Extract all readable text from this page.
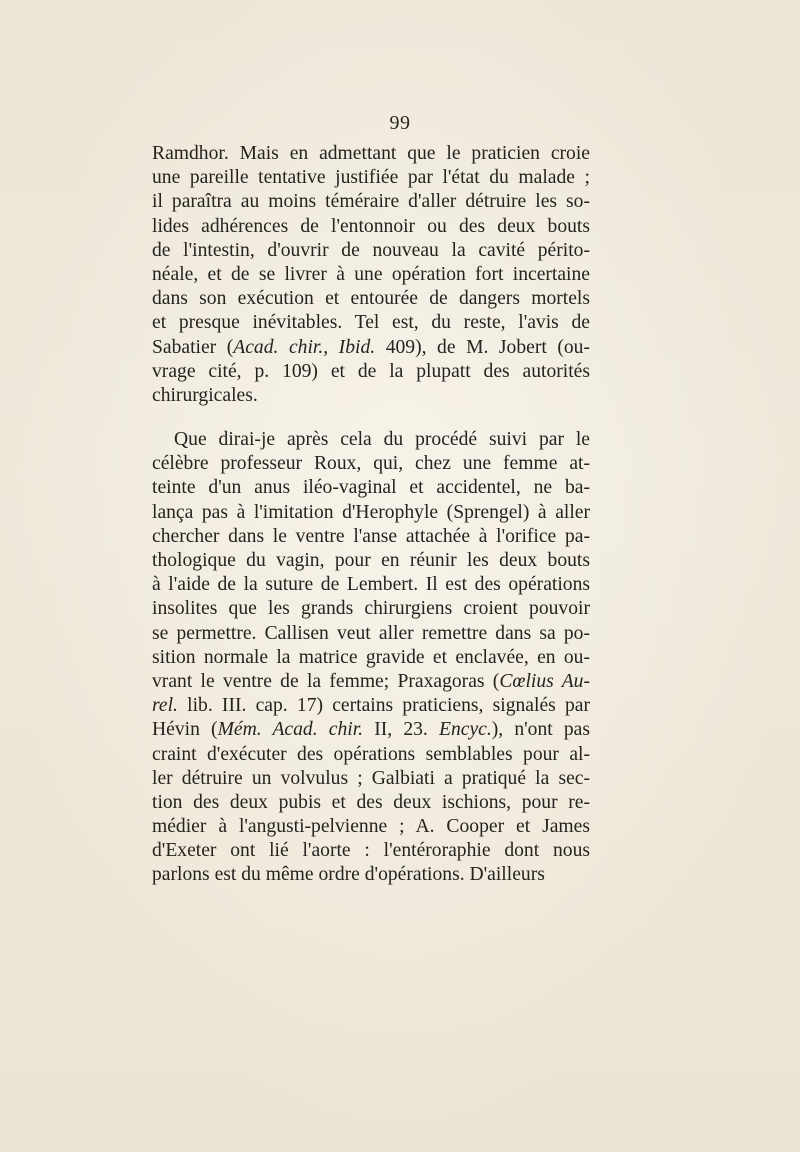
99
Ramdhor. Mais en admettant que le praticien croie
une pareille tentative justifiée par l'état du malade ;
il paraîtra au moins téméraire d'aller détruire les so-
lides adhérences de l'entonnoir ou des deux bouts
de l'intestin, d'ouvrir de nouveau la cavité périto-
néale, et de se livrer à une opération fort incertaine
dans son exécution et entourée de dangers mortels
et presque inévitables. Tel est, du reste, l'avis de
Sabatier (Acad. chir., Ibid. 409), de M. Jobert (ou-
vrage cité, p. 109) et de la plupatt des autorités
chirurgicales.
Que dirai-je après cela du procédé suivi par le
célèbre professeur Roux, qui, chez une femme at-
teinte d'un anus iléo-vaginal et accidentel, ne ba-
lança pas à l'imitation d'Herophyle (Sprengel) à aller
chercher dans le ventre l'anse attachée à l'orifice pa-
thologique du vagin, pour en réunir les deux bouts
à l'aide de la suture de Lembert. Il est des opérations
insolites que les grands chirurgiens croient pouvoir
se permettre. Callisen veut aller remettre dans sa po-
sition normale la matrice gravide et enclavée, en ou-
vrant le ventre de la femme; Praxagoras (Cœlius Au-
rel. lib. III. cap. 17) certains praticiens, signalés par
Hévin (Mém. Acad. chir. II, 23. Encyc.), n'ont pas
craint d'exécuter des opérations semblables pour al-
ler détruire un volvulus ; Galbiati a pratiqué la sec-
tion des deux pubis et des deux ischions, pour re-
médier à l'angusti-pelvienne ; A. Cooper et James
d'Exeter ont lié l'aorte : l'entéroraphie dont nous
parlons est du même ordre d'opérations. D'ailleurs
